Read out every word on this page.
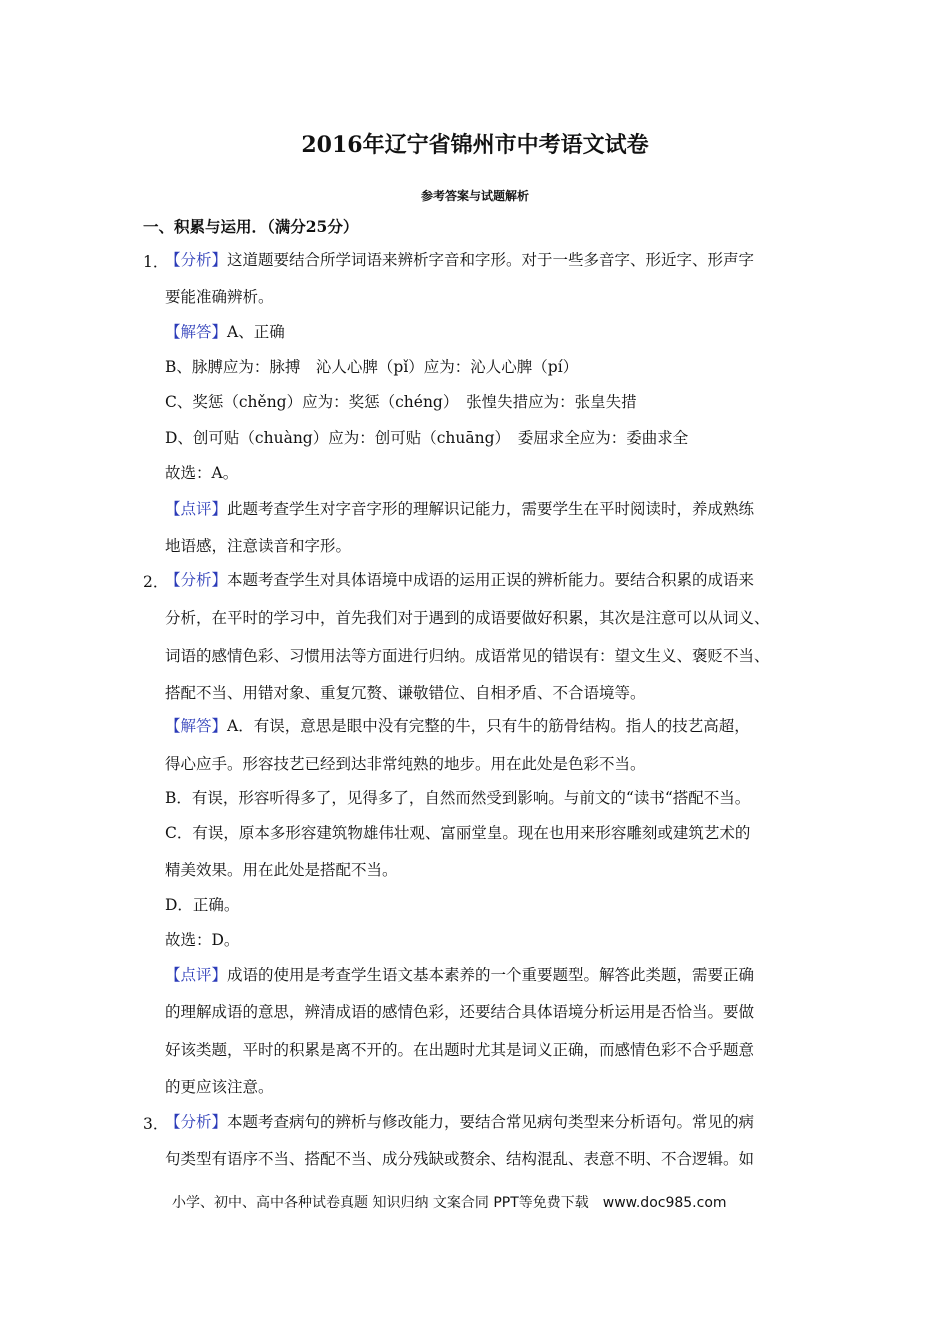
2016年辽宁省锦州市中考语文试卷
参考答案与试题解析
一、积累与运用．（满分25分）
1．
【分析】这道题要结合所学词语来辨析字音和字形。对于一些多音字、形近字、形声字
要能准确辨析。
【解答】A、正确
B、脉膊应为：脉搏　沁人心脾（pǐ）应为：沁人心脾（pí）
C、奖惩（chěng）应为：奖惩（chéng）　张惶失措应为：张皇失措
D、创可贴（chuàng）应为：创可贴（chuāng）　委屈求全应为：委曲求全
故选：A。
【点评】此题考查学生对字音字形的理解识记能力，需要学生在平时阅读时，养成熟练
地语感，注意读音和字形。
2．
【分析】本题考查学生对具体语境中成语的运用正误的辨析能力。要结合积累的成语来
分析，在平时的学习中，首先我们对于遇到的成语要做好积累，其次是注意可以从词义、
词语的感情色彩、习惯用法等方面进行归纳。成语常见的错误有：望文生义、褒贬不当、
搭配不当、用错对象、重复冗赘、谦敬错位、自相矛盾、不合语境等。
【解答】A．有误，意思是眼中没有完整的牛，只有牛的筋骨结构。指人的技艺高超，
得心应手。形容技艺已经到达非常纯熟的地步。用在此处是色彩不当。
B．有误，形容听得多了，见得多了，自然而然受到影响。与前文的“读书“搭配不当。
C．有误，原本多形容建筑物雄伟壮观、富丽堂皇。现在也用来形容雕刻或建筑艺术的
精美效果。用在此处是搭配不当。
D．正确。
故选：D。
【点评】成语的使用是考查学生语文基本素养的一个重要题型。解答此类题，需要正确
的理解成语的意思，辨清成语的感情色彩，还要结合具体语境分析运用是否恰当。要做
好该类题，平时的积累是离不开的。在出题时尤其是词义正确，而感情色彩不合乎题意
的更应该注意。
3．
【分析】本题考查病句的辨析与修改能力，要结合常见病句类型来分析语句。常见的病
句类型有语序不当、搭配不当、成分残缺或赘余、结构混乱、表意不明、不合逻辑。如
小学、初中、高中各种试卷真题 知识归纳 文案合同 PPT等免费下载　www.doc985.com
